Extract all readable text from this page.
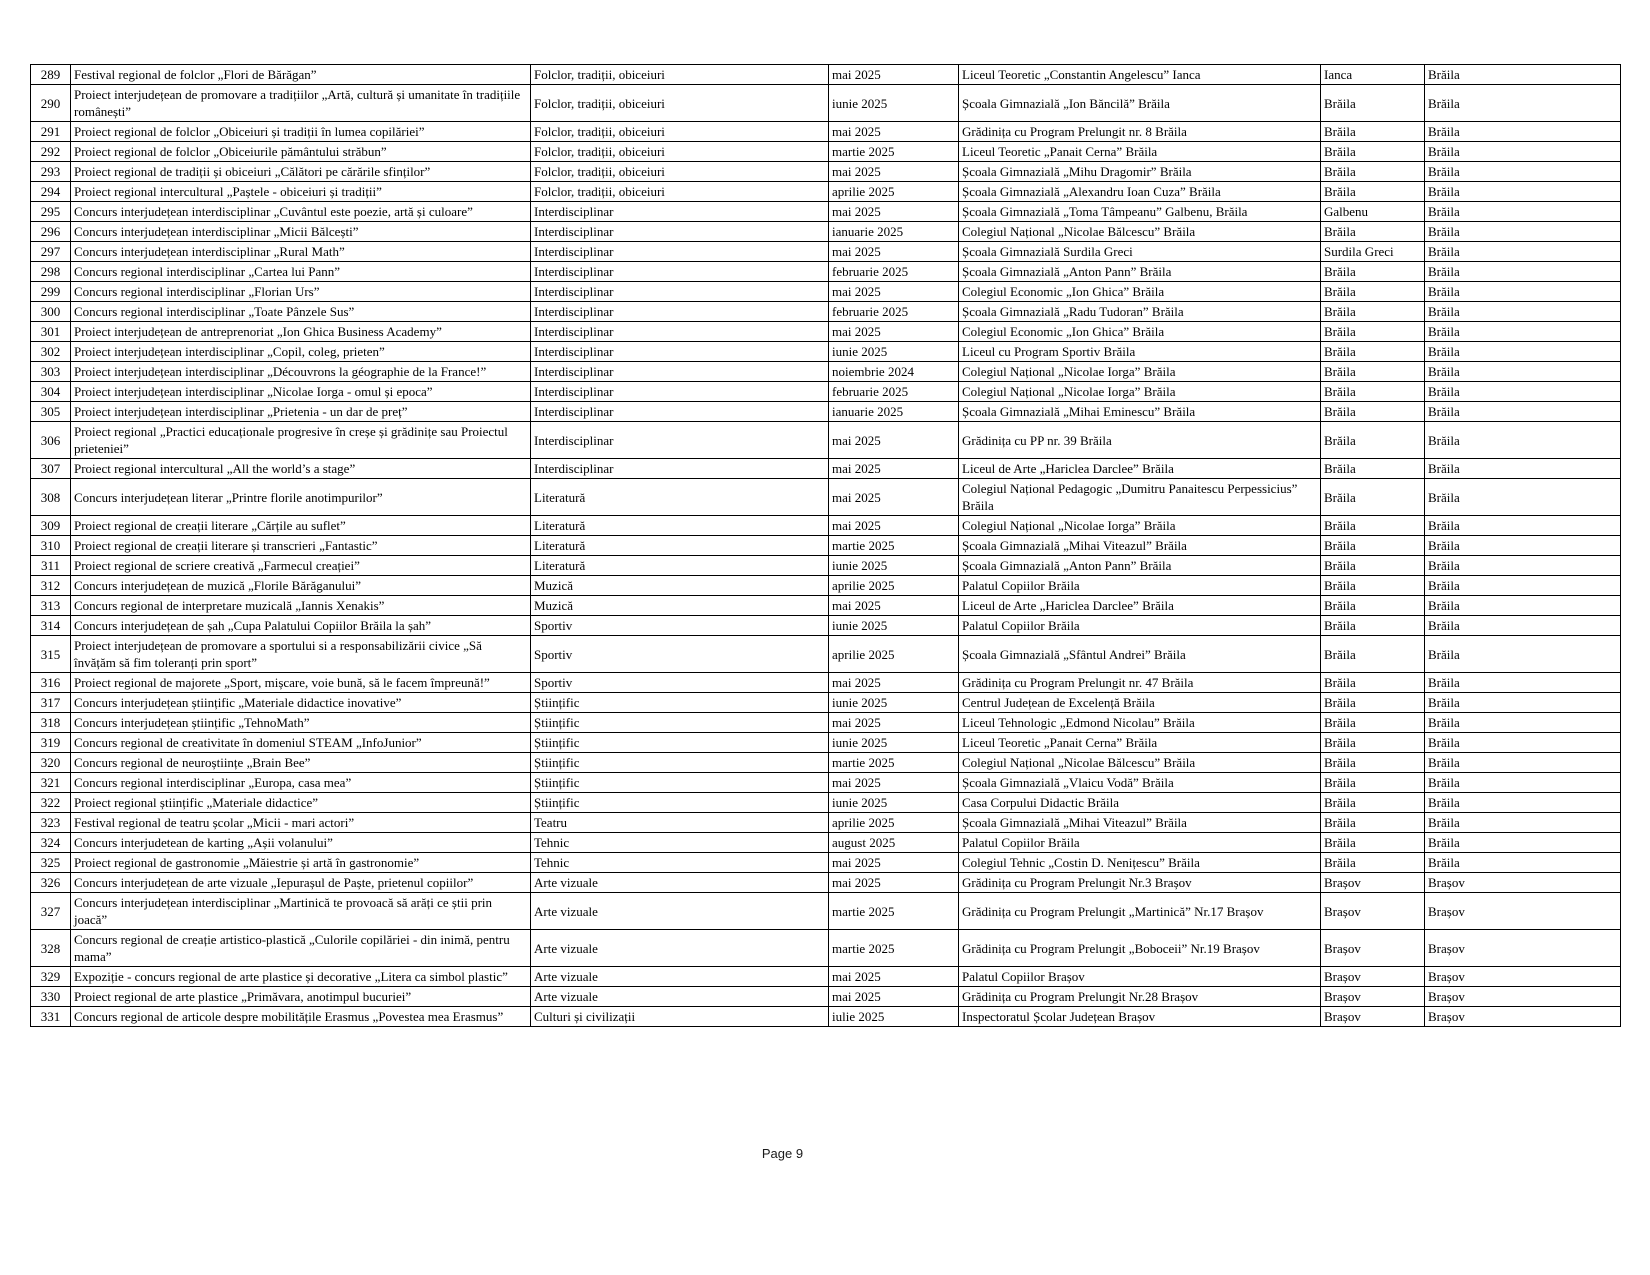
289	Festival regional de folclor „Flori de Bărăgan”	Folclor, tradiții, obiceiuri	mai 2025	Liceul Teoretic „Constantin Angelescu” Ianca	Ianca	Brăila
290	Proiect interjudețean de promovare a tradițiilor „Artă, cultură și umanitate în tradițiile românești”	Folclor, tradiții, obiceiuri	iunie 2025	Școala Gimnazială „Ion Băncilă” Brăila	Brăila	Brăila
291	Proiect regional de folclor „Obiceiuri și tradiții în lumea copilăriei”	Folclor, tradiții, obiceiuri	mai 2025	Grădinița cu Program Prelungit nr. 8 Brăila	Brăila	Brăila
292	Proiect regional de folclor „Obiceiurile pământului străbun”	Folclor, tradiții, obiceiuri	martie 2025	Liceul Teoretic „Panait Cerna” Brăila	Brăila	Brăila
293	Proiect regional de tradiții și obiceiuri „Călători pe cărările sfinților”	Folclor, tradiții, obiceiuri	mai 2025	Școala Gimnazială „Mihu Dragomir” Brăila	Brăila	Brăila
294	Proiect regional intercultural „Paștele - obiceiuri și tradiții”	Folclor, tradiții, obiceiuri	aprilie 2025	Școala Gimnazială „Alexandru Ioan Cuza” Brăila	Brăila	Brăila
295	Concurs interjudețean interdisciplinar „Cuvântul este poezie, artă și culoare”	Interdisciplinar	mai 2025	Școala Gimnazială „Toma Tâmpeanu” Galbenu, Brăila	Galbenu	Brăila
296	Concurs interjudețean interdisciplinar „Micii Bălcești”	Interdisciplinar	ianuarie 2025	Colegiul Național „Nicolae Bălcescu” Brăila	Brăila	Brăila
297	Concurs interjudețean interdisciplinar „Rural Math”	Interdisciplinar	mai 2025	Școala Gimnazială Surdila Greci	Surdila Greci	Brăila
298	Concurs regional interdisciplinar „Cartea lui Pann”	Interdisciplinar	februarie 2025	Școala Gimnazială „Anton Pann” Brăila	Brăila	Brăila
299	Concurs regional interdisciplinar „Florian Urs”	Interdisciplinar	mai 2025	Colegiul Economic „Ion Ghica” Brăila	Brăila	Brăila
300	Concurs regional interdisciplinar „Toate Pânzele Sus”	Interdisciplinar	februarie 2025	Școala Gimnazială „Radu Tudoran” Brăila	Brăila	Brăila
301	Proiect interjudețean de antreprenoriat „Ion Ghica Business Academy”	Interdisciplinar	mai 2025	Colegiul Economic „Ion Ghica” Brăila	Brăila	Brăila
302	Proiect interjudețean interdisciplinar „Copil, coleg, prieten”	Interdisciplinar	iunie 2025	Liceul cu Program Sportiv Brăila	Brăila	Brăila
303	Proiect interjudețean interdisciplinar „Découvrons la géographie de la France!”	Interdisciplinar	noiembrie 2024	Colegiul Național „Nicolae Iorga” Brăila	Brăila	Brăila
304	Proiect interjudețean interdisciplinar „Nicolae Iorga - omul și epoca”	Interdisciplinar	februarie 2025	Colegiul Național „Nicolae Iorga” Brăila	Brăila	Brăila
305	Proiect interjudețean interdisciplinar „Prietenia - un dar de preț”	Interdisciplinar	ianuarie 2025	Școala Gimnazială „Mihai Eminescu” Brăila	Brăila	Brăila
306	Proiect regional „Practici educaționale progresive în creșe și grădinițe sau Proiectul prieteniei”	Interdisciplinar	mai 2025	Grădinița cu PP nr. 39 Brăila	Brăila	Brăila
307	Proiect regional intercultural „All the world’s a stage”	Interdisciplinar	mai 2025	Liceul de Arte „Hariclea Darclee” Brăila	Brăila	Brăila
308	Concurs interjudețean literar „Printre florile anotimpurilor”	Literatură	mai 2025	Colegiul Național Pedagogic „Dumitru Panaitescu Perpessicius” Brăila	Brăila	Brăila
309	Proiect regional de creații literare „Cărțile au suflet”	Literatură	mai 2025	Colegiul Național „Nicolae Iorga” Brăila	Brăila	Brăila
310	Proiect regional de creații literare și transcrieri „Fantastic”	Literatură	martie 2025	Școala Gimnazială „Mihai Viteazul” Brăila	Brăila	Brăila
311	Proiect regional de scriere creativă „Farmecul creației”	Literatură	iunie 2025	Școala Gimnazială „Anton Pann” Brăila	Brăila	Brăila
312	Concurs interjudețean de muzică „Florile Bărăganului”	Muzică	aprilie 2025	Palatul Copiilor Brăila	Brăila	Brăila
313	Concurs regional de interpretare muzicală „Iannis Xenakis”	Muzică	mai 2025	Liceul de Arte „Hariclea Darclee” Brăila	Brăila	Brăila
314	Concurs interjudețean de șah „Cupa Palatului Copiilor Brăila la șah”	Sportiv	iunie 2025	Palatul Copiilor Brăila	Brăila	Brăila
315	Proiect interjudețean de promovare a sportului si a responsabilizării civice „Să învățăm să fim toleranți prin sport”	Sportiv	aprilie 2025	Școala Gimnazială „Sfântul Andrei” Brăila	Brăila	Brăila
316	Proiect regional de majorete „Sport, mișcare, voie bună, să le facem împreună!”	Sportiv	mai 2025	Grădinița cu Program Prelungit nr. 47 Brăila	Brăila	Brăila
317	Concurs interjudețean științific „Materiale didactice inovative”	Științific	iunie 2025	Centrul Județean de Excelență Brăila	Brăila	Brăila
318	Concurs interjudețean științific „TehnoMath”	Științific	mai 2025	Liceul Tehnologic „Edmond Nicolau” Brăila	Brăila	Brăila
319	Concurs regional de creativitate în domeniul STEAM „InfoJunior”	Științific	iunie 2025	Liceul Teoretic „Panait Cerna” Brăila	Brăila	Brăila
320	Concurs regional de neuroștiințe „Brain Bee”	Științific	martie 2025	Colegiul Național „Nicolae Bălcescu” Brăila	Brăila	Brăila
321	Concurs regional interdisciplinar „Europa, casa mea”	Științific	mai 2025	Școala Gimnazială „Vlaicu Vodă” Brăila	Brăila	Brăila
322	Proiect regional științific „Materiale didactice”	Științific	iunie 2025	Casa Corpului Didactic Brăila	Brăila	Brăila
323	Festival regional de teatru școlar „Micii - mari actori”	Teatru	aprilie 2025	Școala Gimnazială „Mihai Viteazul” Brăila	Brăila	Brăila
324	Concurs interjudetean de karting „Așii volanului”	Tehnic	august 2025	Palatul Copiilor Brăila	Brăila	Brăila
325	Proiect regional de gastronomie „Măiestrie și artă în gastronomie”	Tehnic	mai 2025	Colegiul Tehnic „Costin D. Nenițescu” Brăila	Brăila	Brăila
326	Concurs interjudețean de arte vizuale „Iepurașul de Paște, prietenul copiilor”	Arte vizuale	mai 2025	Grădinița cu Program Prelungit Nr.3 Brașov	Brașov	Brașov
327	Concurs interjudețean interdisciplinar „Martinică te provoacă să arăți ce știi prin joacă”	Arte vizuale	martie 2025	Grădinița cu Program Prelungit „Martinică” Nr.17 Brașov	Brașov	Brașov
328	Concurs regional de creație artistico-plastică „Culorile copilăriei - din inimă, pentru mama”	Arte vizuale	martie 2025	Grădinița cu Program Prelungit „Boboceii” Nr.19 Brașov	Brașov	Brașov
329	Expoziție - concurs regional de arte plastice și decorative „Litera ca simbol plastic”	Arte vizuale	mai 2025	Palatul Copiilor Brașov	Brașov	Brașov
330	Proiect regional de arte plastice „Primăvara, anotimpul bucuriei”	Arte vizuale	mai 2025	Grădinița cu Program Prelungit Nr.28 Brașov	Brașov	Brașov
331	Concurs regional de articole despre mobilitățile Erasmus „Povestea mea Erasmus”	Culturi și civilizații	iulie 2025	Inspectoratul Școlar Județean Brașov	Brașov	Brașov
Page 9
